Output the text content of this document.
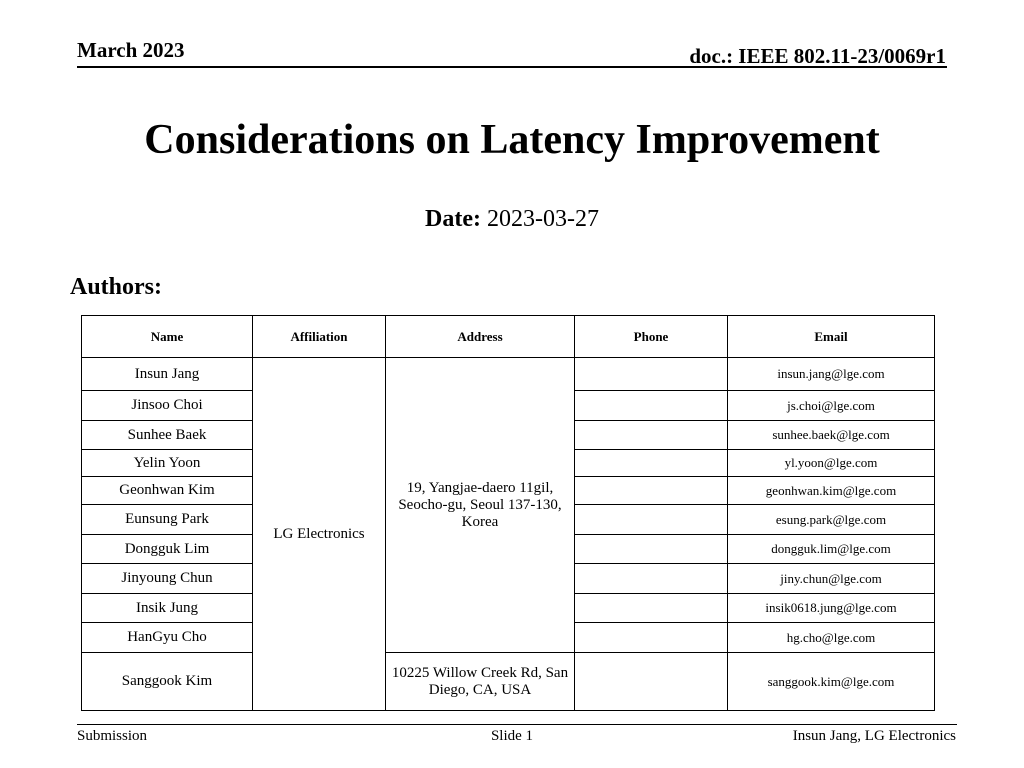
March 2023	doc.: IEEE 802.11-23/0069r1
Considerations on Latency Improvement
Date: 2023-03-27
Authors:
Name	Affiliation	Address	Phone	Email
Insun Jang	LG Electronics	19, Yangjae-daero 11gil, Seocho-gu, Seoul 137-130, Korea		insun.jang@lge.com
Jinsoo Choi				js.choi@lge.com
Sunhee Baek				sunhee.baek@lge.com
Yelin Yoon				yl.yoon@lge.com
Geonhwan Kim				geonhwan.kim@lge.com
Eunsung Park				esung.park@lge.com
Dongguk Lim				dongguk.lim@lge.com
Jinyoung Chun				jiny.chun@lge.com
Insik Jung				insik0618.jung@lge.com
HanGyu Cho				hg.cho@lge.com
Sanggook Kim		10225 Willow Creek Rd, San Diego, CA, USA		sanggook.kim@lge.com
Submission	Slide 1	Insun Jang, LG Electronics
